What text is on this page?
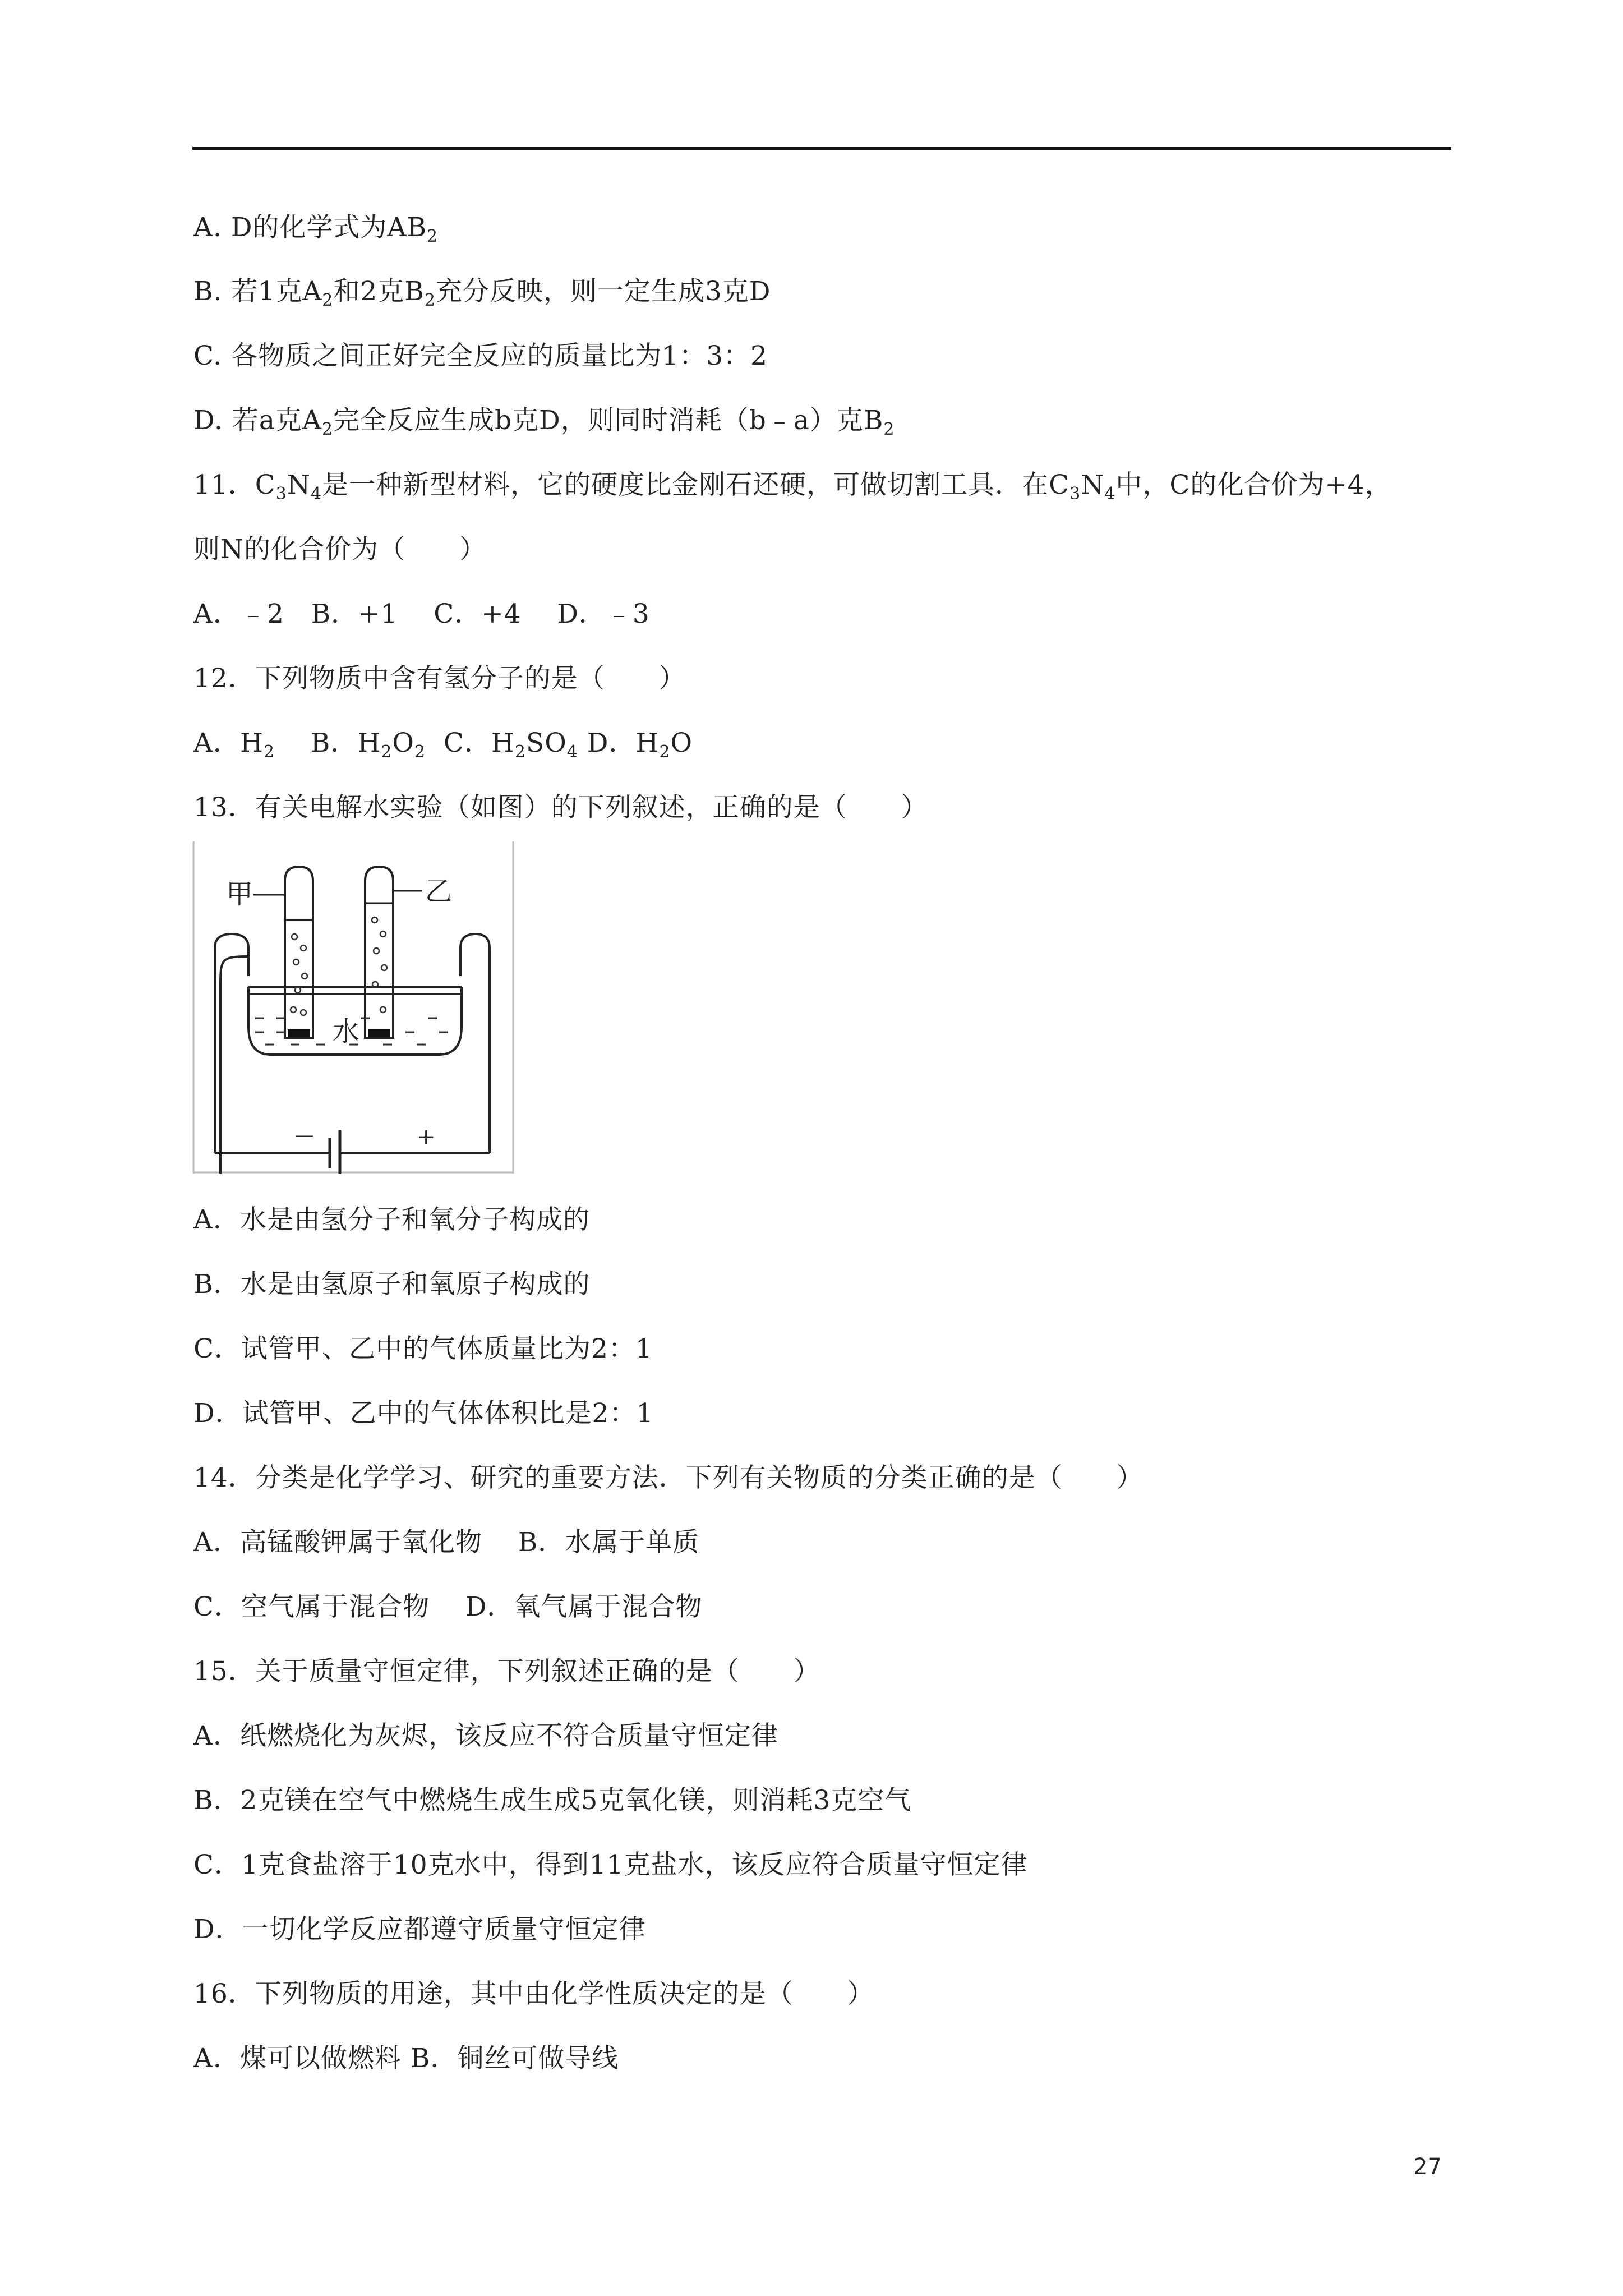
A. D的化学式为$AB_2$
B. 若1克$A_2$和2克$B_2$充分反映，则一定生成3克D
C. 各物质之间正好完全反应的质量比为1：3：2
D. 若a克$A_2$完全反应生成b克D，则同时消耗（b﹣a）克$B_2$
11．$C_3N_4$是一种新型材料，它的硬度比金刚石还硬，可做切割工具．在$C_3N_4$中，C的化合价为+4，
则N的化合价为（　　）
A．﹣2   B．+1    C．+4    D．﹣3
12．下列物质中含有氢分子的是（　　）
A．$H_2$    B．$H_2O_2$  C．$H_2SO_4$ D．$H_2O$
13．有关电解水实验（如图）的下列叙述，正确的是（　　）
－	+
水
甲	乙
A．水是由氢分子和氧分子构成的
B．水是由氢原子和氧原子构成的
C．试管甲、乙中的气体质量比为2：1
D．试管甲、乙中的气体体积比是2：1
14．分类是化学学习、研究的重要方法．下列有关物质的分类正确的是（　　）
A．高锰酸钾属于氧化物    B．水属于单质
C．空气属于混合物    D．氧气属于混合物
15．关于质量守恒定律，下列叙述正确的是（　　）
A．纸燃烧化为灰烬，该反应不符合质量守恒定律
B．2克镁在空气中燃烧生成生成5克氧化镁，则消耗3克空气
C．1克食盐溶于10克水中，得到11克盐水，该反应符合质量守恒定律
D．一切化学反应都遵守质量守恒定律
16．下列物质的用途，其中由化学性质决定的是（　　）
A．煤可以做燃料 B．铜丝可做导线
27
